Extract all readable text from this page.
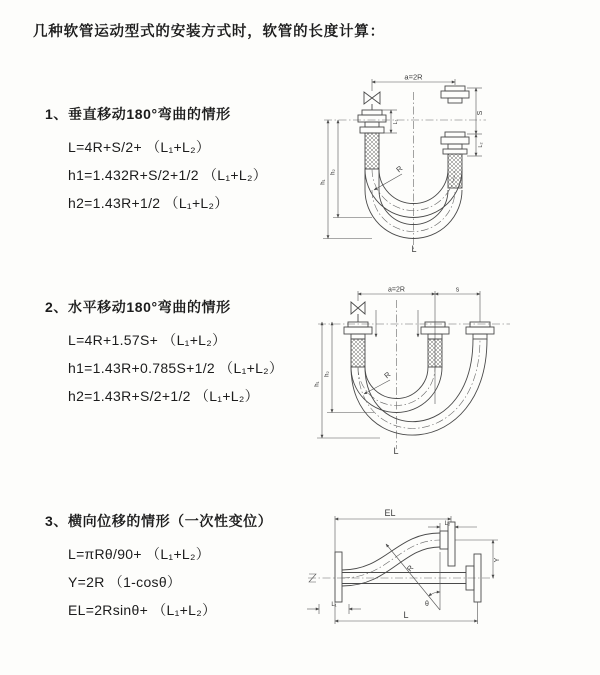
几种软管运动型式的安装方式时，软管的长度计算：
1、垂直移动180°弯曲的情形
L=4R+S/2+ （L₁+L₂）
h1=1.432R+S/2+1/2 （L₁+L₂）
h2=1.43R+1/2 （L₁+L₂）
2、水平移动180°弯曲的情形
L=4R+1.57S+ （L₁+L₂）
h1=1.43R+0.785S+1/2 （L₁+L₂）
h2=1.43R+S/2+1/2 （L₁+L₂）
3、横向位移的情形（一次性变位）
L=πRθ/90+ （L₁+L₂）
Y=2R （1-cosθ）
EL=2Rsinθ+ （L₁+L₂）
a=2R
S
L₂
L₁
h₁
h₂	R
L
a=2R	s
h₁
h₂	R
L
EL
L₂
Y
R
θ
L
L₁
